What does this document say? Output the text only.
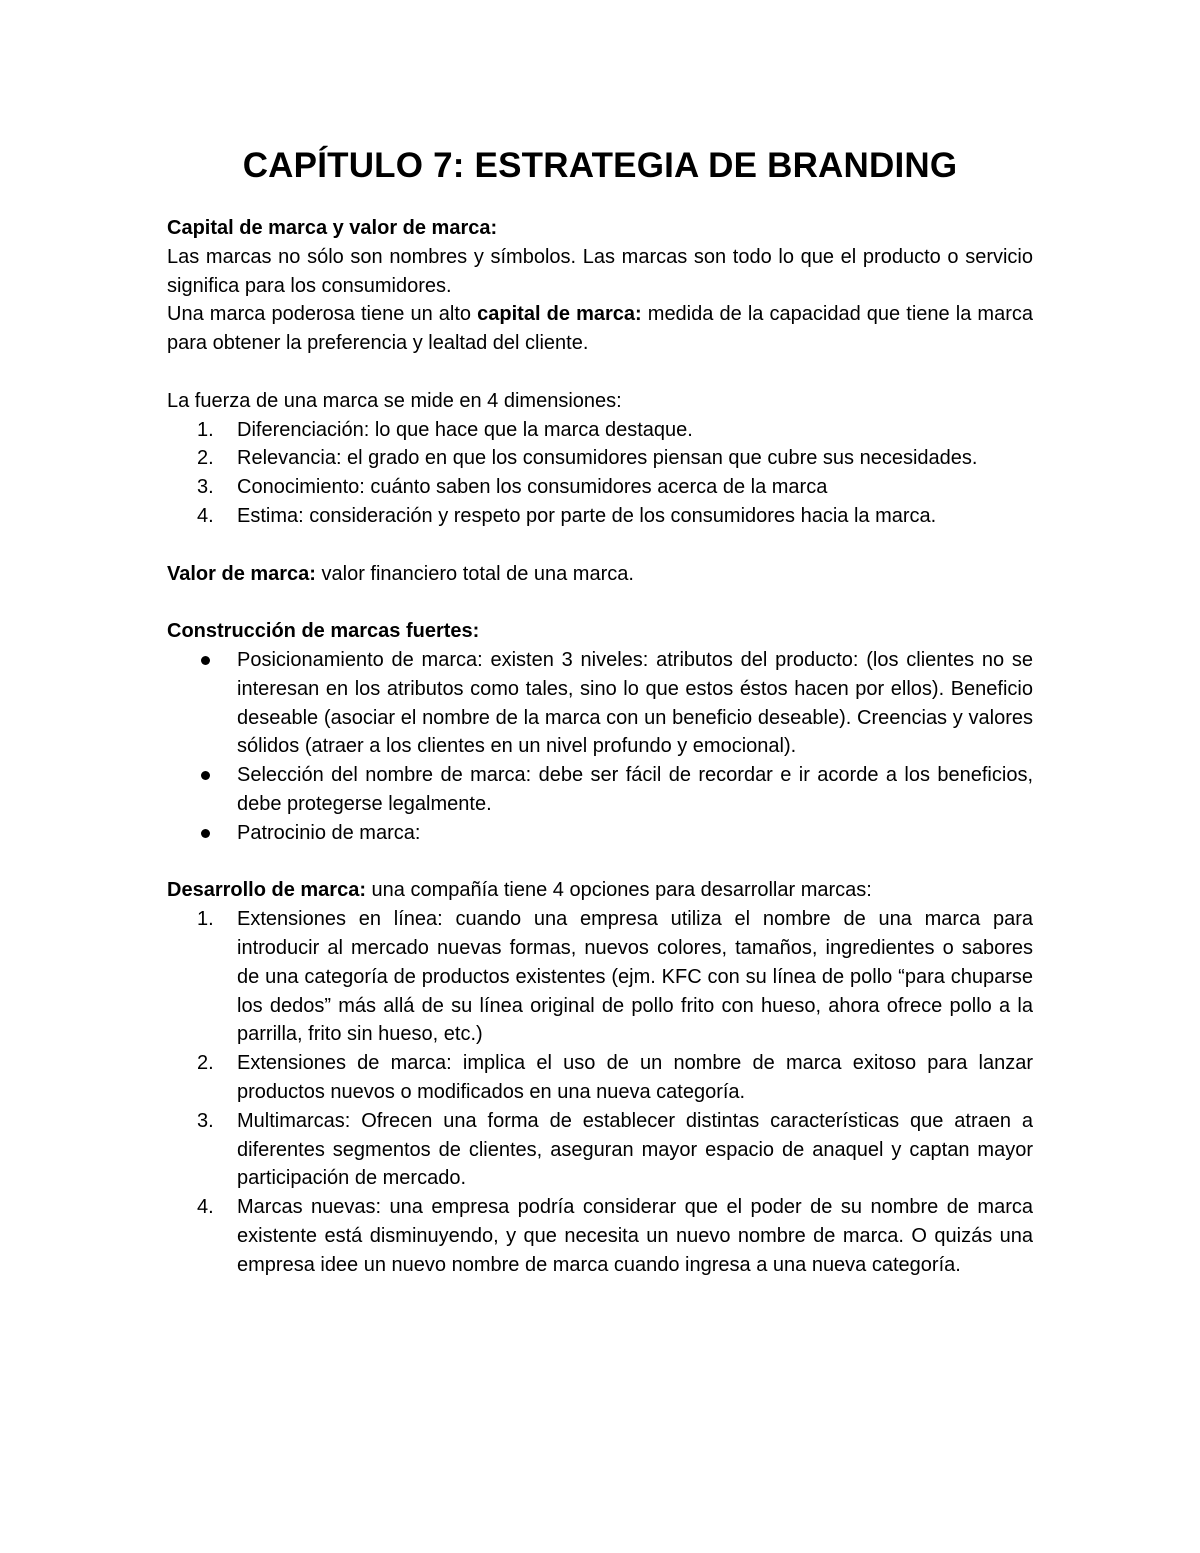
CAPÍTULO 7: ESTRATEGIA DE BRANDING

Capital de marca y valor de marca:

Las marcas no sólo son nombres y símbolos. Las marcas son todo lo que el producto o servicio significa para los consumidores.

Una marca poderosa tiene un alto capital de marca: medida de la capacidad que tiene la marca para obtener la preferencia y lealtad del cliente.

La fuerza de una marca se mide en 4 dimensiones:

1.	Diferenciación: lo que hace que la marca destaque.
2.	Relevancia: el grado en que los consumidores piensan que cubre sus necesidades.
3.	Conocimiento: cuánto saben los consumidores acerca de la marca
4.	Estima: consideración y respeto por parte de los consumidores hacia la marca.

Valor de marca: valor financiero total de una marca.

Construcción de marcas fuertes:

Posicionamiento de marca: existen 3 niveles: atributos del producto: (los clientes no se interesan en los atributos como tales, sino lo que estos éstos hacen por ellos). Beneficio deseable (asociar el nombre de la marca con un beneficio deseable). Creencias y valores sólidos (atraer a los clientes en un nivel profundo y emocional).
Selección del nombre de marca: debe ser fácil de recordar e ir acorde a los beneficios, debe protegerse legalmente.
Patrocinio de marca:

Desarrollo de marca: una compañía tiene 4 opciones para desarrollar marcas:

1.	Extensiones en línea: cuando una empresa utiliza el nombre de una marca para introducir al mercado nuevas formas, nuevos colores, tamaños, ingredientes o sabores de una categoría de productos existentes (ejm. KFC con su línea de pollo “para chuparse los dedos” más allá de su línea original de pollo frito con hueso, ahora ofrece pollo a la parrilla, frito sin hueso, etc.)
2.	Extensiones de marca: implica el uso de un nombre de marca exitoso para lanzar productos nuevos o modificados en una nueva categoría.
3.	Multimarcas: Ofrecen una forma de establecer distintas características que atraen a diferentes segmentos de clientes, aseguran mayor espacio de anaquel y captan mayor participación de mercado.
4.	Marcas nuevas: una empresa podría considerar que el poder de su nombre de marca existente está disminuyendo, y que necesita un nuevo nombre de marca. O quizás una empresa idee un nuevo nombre de marca cuando ingresa a una nueva categoría.
